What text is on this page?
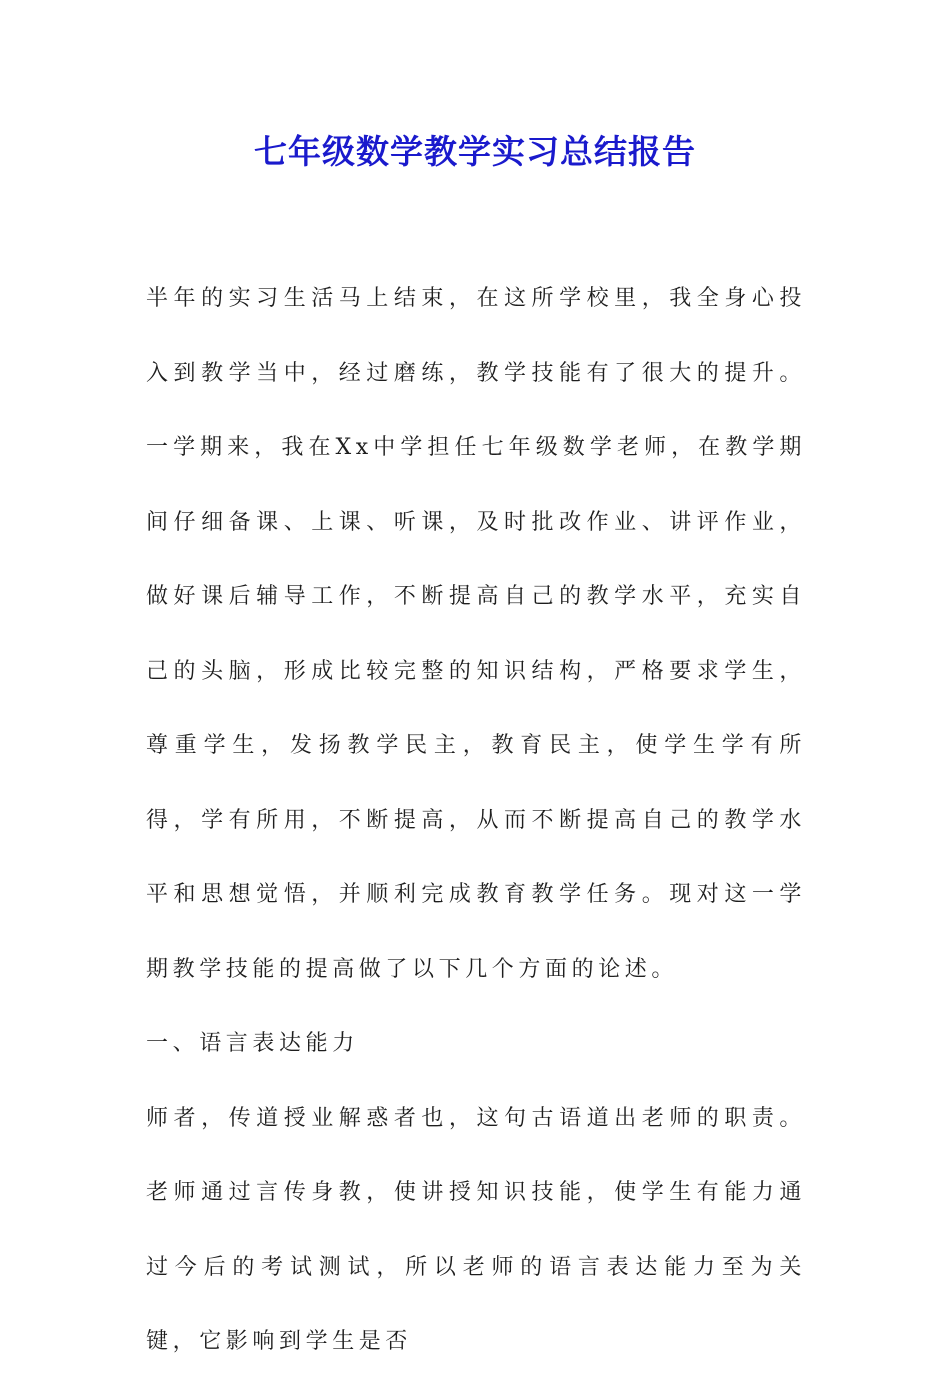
七年级数学教学实习总结报告

半年的实习生活马上结束，在这所学校里，我全身心投入到教学当中，经过磨练，教学技能有了很大的提升。一学期来，我在Xx中学担任七年级数学老师，在教学期间仔细备课、上课、听课，及时批改作业、讲评作业，做好课后辅导工作，不断提高自己的教学水平，充实自己的头脑，形成比较完整的知识结构，严格要求学生，尊重学生，发扬教学民主，教育民主，使学生学有所得，学有所用，不断提高，从而不断提高自己的教学水平和思想觉悟，并顺利完成教育教学任务。现对这一学期教学技能的提高做了以下几个方面的论述。

一、语言表达能力

师者，传道授业解惑者也，这句古语道出老师的职责。老师通过言传身教，使讲授知识技能，使学生有能力通过今后的考试测试，所以老师的语言表达能力至为关键，它影响到学生是否
